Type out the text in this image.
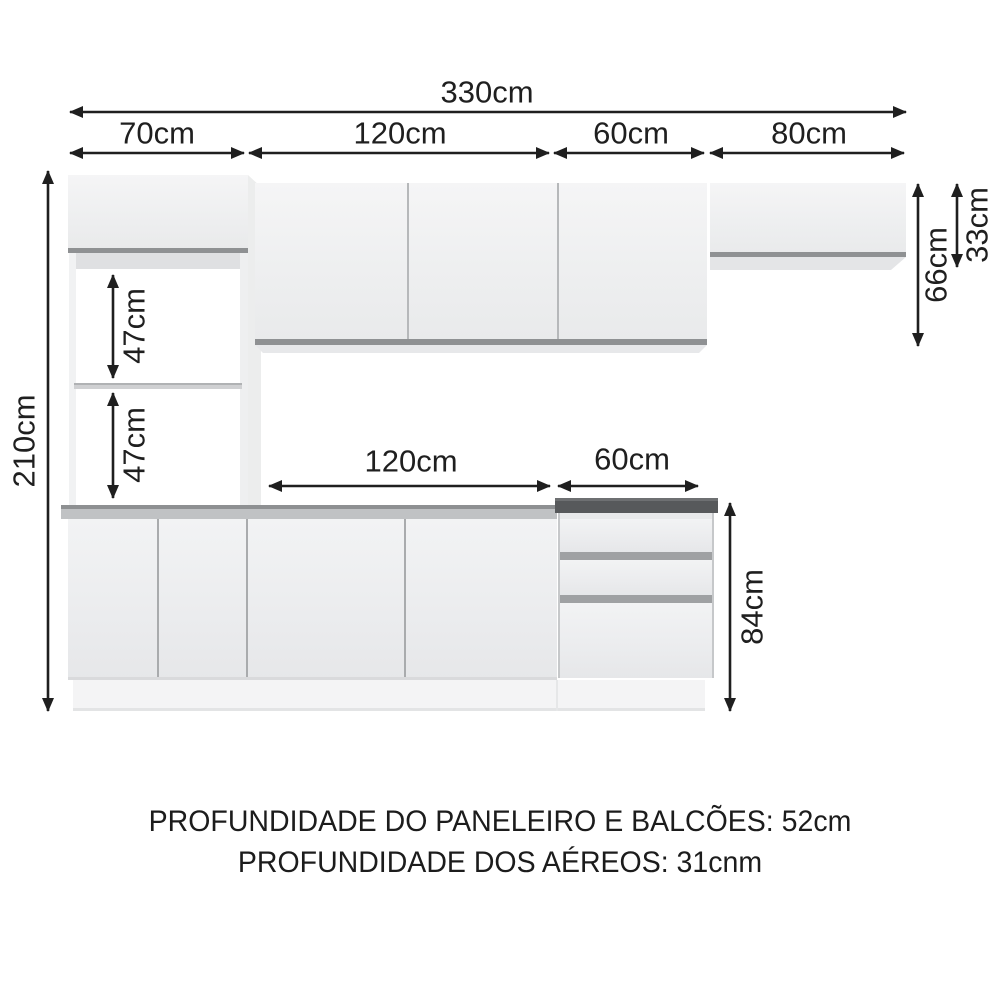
330cm
70cm	120cm	60cm	80cm
210cm
47cm
47cm	120cm	60cm
66cm
33cm
84cm
PROFUNDIDADE DO PANELEIRO E BALCÕES: 52cm
PROFUNDIDADE DOS AÉREOS: 31cnm
